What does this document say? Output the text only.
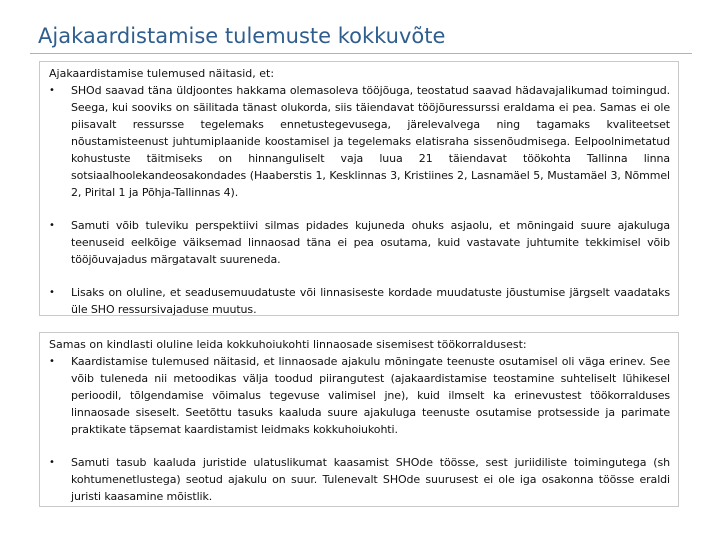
Ajakaardistamise tulemuste kokkuvõte
Ajakaardistamise tulemused näitasid, et:
•	SHOd saavad täna üldjoontes hakkama olemasoleva tööjõuga, teostatud saavad hädavajalikumad toimingud. Seega, kui sooviks on säilitada tänast olukorda, siis täiendavat tööjõuressurssi eraldama ei pea. Samas ei ole piisavalt ressursse tegelemaks ennetustegevusega, järelevalvega ning tagamaks kvaliteetset nõustamisteenust juhtumiplaanide koostamisel ja tegelemaks elatisraha sissenõudmisega. Eelpoolnimetatud kohustuste täitmiseks on hinnanguliselt vaja luua 21 täiendavat töökohta Tallinna linna sotsiaalhoolekandeosakondades (Haaberstis 1, Kesklinnas 3, Kristiines 2, Lasnamäel 5, Mustamäel 3, Nõmmel 2, Pirital 1 ja Põhja-Tallinnas 4).
•	Samuti võib tuleviku perspektiivi silmas pidades kujuneda ohuks asjaolu, et mõningaid suure ajakuluga teenuseid eelkõige väiksemad linnaosad täna ei pea osutama, kuid vastavate juhtumite tekkimisel võib tööjõuvajadus märgatavalt suureneda.
•	Lisaks on oluline, et seadusemuudatuste või linnasiseste kordade muudatuste jõustumise järgselt vaadataks üle SHO ressursivajaduse muutus.
Samas on kindlasti oluline leida kokkuhoiukohti linnaosade sisemisest töökorraldusest:
•	Kaardistamise tulemused näitasid, et linnaosade ajakulu mõningate teenuste osutamisel oli väga erinev. See võib tuleneda nii metoodikas välja toodud piirangutest (ajakaardistamise teostamine suhteliselt lühikesel perioodil, tõlgendamise võimalus tegevuse valimisel jne), kuid ilmselt ka erinevustest töökorralduses linnaosade siseselt. Seetõttu tasuks kaaluda suure ajakuluga teenuste osutamise protsesside ja parimate praktikate täpsemat kaardistamist leidmaks kokkuhoiukohti.
•	Samuti tasub kaaluda juristide ulatuslikumat kaasamist SHOde töösse, sest juriidiliste toimingutega (sh kohtumenetlustega) seotud ajakulu on suur. Tulenevalt SHOde suurusest ei ole iga osakonna töösse eraldi juristi kaasamine mõistlik.
